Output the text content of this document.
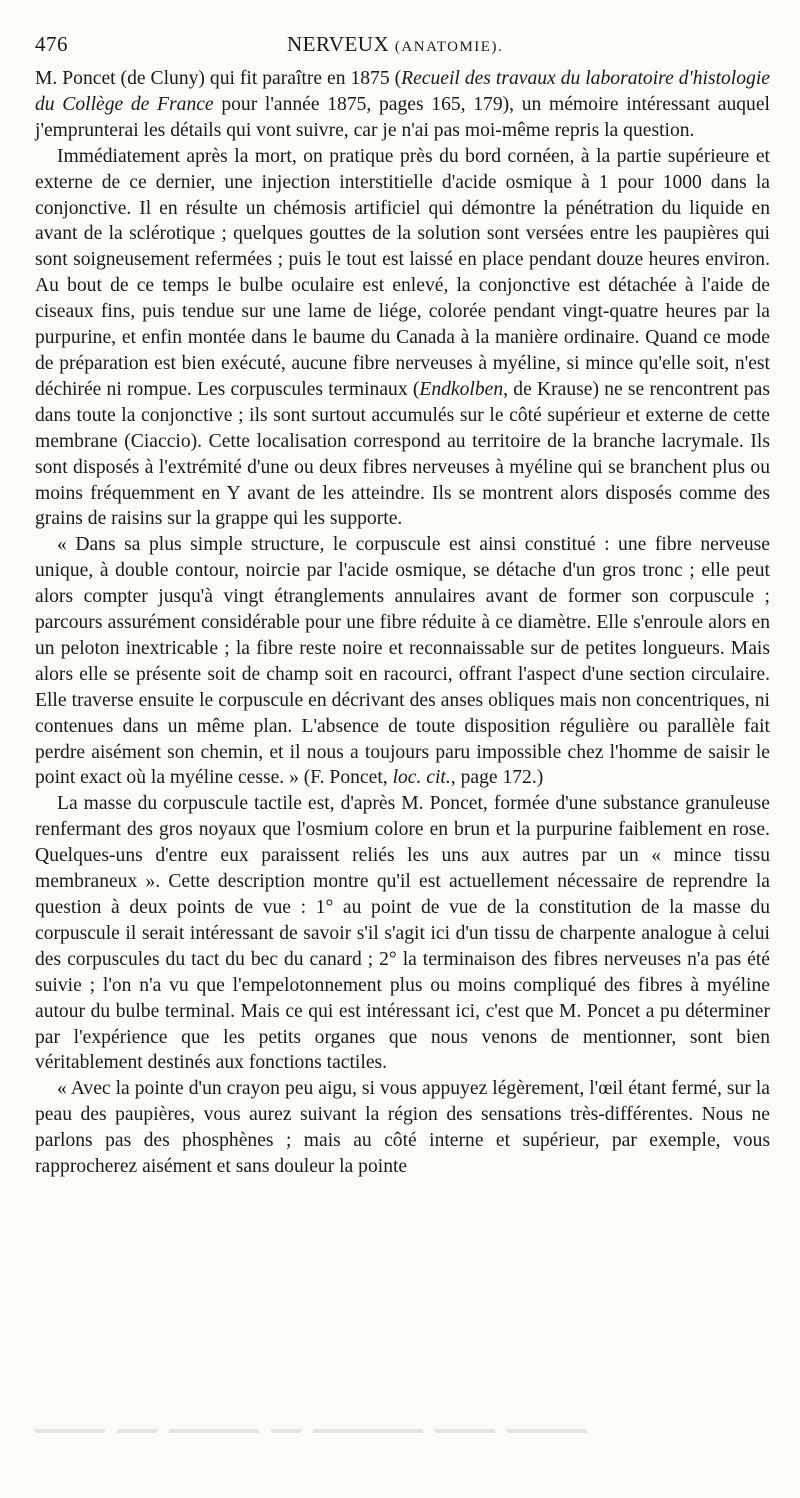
476	NERVEUX (ANATOMIE).

M. Poncet (de Cluny) qui fit paraître en 1875 (Recueil des travaux du laboratoire d'histologie du Collège de France pour l'année 1875, pages 165, 179), un mémoire intéressant auquel j'emprunterai les détails qui vont suivre, car je n'ai pas moi-même repris la question.

Immédiatement après la mort, on pratique près du bord cornéen, à la partie supérieure et externe de ce dernier, une injection interstitielle d'acide osmique à 1 pour 1000 dans la conjonctive. Il en résulte un chémosis artificiel qui démontre la pénétration du liquide en avant de la sclérotique ; quelques gouttes de la solution sont versées entre les paupières qui sont soigneusement refermées ; puis le tout est laissé en place pendant douze heures environ. Au bout de ce temps le bulbe oculaire est enlevé, la conjonctive est détachée à l'aide de ciseaux fins, puis tendue sur une lame de liége, colorée pendant vingt-quatre heures par la purpurine, et enfin montée dans le baume du Canada à la manière ordinaire. Quand ce mode de préparation est bien exécuté, aucune fibre nerveuses à myéline, si mince qu'elle soit, n'est déchirée ni rompue. Les corpuscules terminaux (Endkolben, de Krause) ne se rencontrent pas dans toute la conjonctive ; ils sont surtout accumulés sur le côté supérieur et externe de cette membrane (Ciaccio). Cette localisation correspond au territoire de la branche lacrymale. Ils sont disposés à l'extrémité d'une ou deux fibres nerveuses à myéline qui se branchent plus ou moins fréquemment en Y avant de les atteindre. Ils se montrent alors disposés comme des grains de raisins sur la grappe qui les supporte.

« Dans sa plus simple structure, le corpuscule est ainsi constitué : une fibre nerveuse unique, à double contour, noircie par l'acide osmique, se détache d'un gros tronc ; elle peut alors compter jusqu'à vingt étranglements annulaires avant de former son corpuscule ; parcours assurément considérable pour une fibre réduite à ce diamètre. Elle s'enroule alors en un peloton inextricable ; la fibre reste noire et reconnaissable sur de petites longueurs. Mais alors elle se présente soit de champ soit en racourci, offrant l'aspect d'une section circulaire. Elle traverse ensuite le corpuscule en décrivant des anses obliques mais non concentriques, ni contenues dans un même plan. L'absence de toute disposition régulière ou parallèle fait perdre aisément son chemin, et il nous a toujours paru impossible chez l'homme de saisir le point exact où la myéline cesse. » (F. Poncet, loc. cit., page 172.)

La masse du corpuscule tactile est, d'après M. Poncet, formée d'une substance granuleuse renfermant des gros noyaux que l'osmium colore en brun et la purpurine faiblement en rose. Quelques-uns d'entre eux paraissent reliés les uns aux autres par un « mince tissu membraneux ». Cette description montre qu'il est actuellement nécessaire de reprendre la question à deux points de vue : 1° au point de vue de la constitution de la masse du corpuscule il serait intéressant de savoir s'il s'agit ici d'un tissu de charpente analogue à celui des corpuscules du tact du bec du canard ; 2° la terminaison des fibres nerveuses n'a pas été suivie ; l'on n'a vu que l'empelotonnement plus ou moins compliqué des fibres à myéline autour du bulbe terminal. Mais ce qui est intéressant ici, c'est que M. Poncet a pu déterminer par l'expérience que les petits organes que nous venons de mentionner, sont bien véritablement destinés aux fonctions tactiles.

« Avec la pointe d'un crayon peu aigu, si vous appuyez légèrement, l'œil étant fermé, sur la peau des paupières, vous aurez suivant la région des sensations très-différentes. Nous ne parlons pas des phosphènes ; mais au côté interne et supérieur, par exemple, vous rapprocherez aisément et sans douleur la pointe
